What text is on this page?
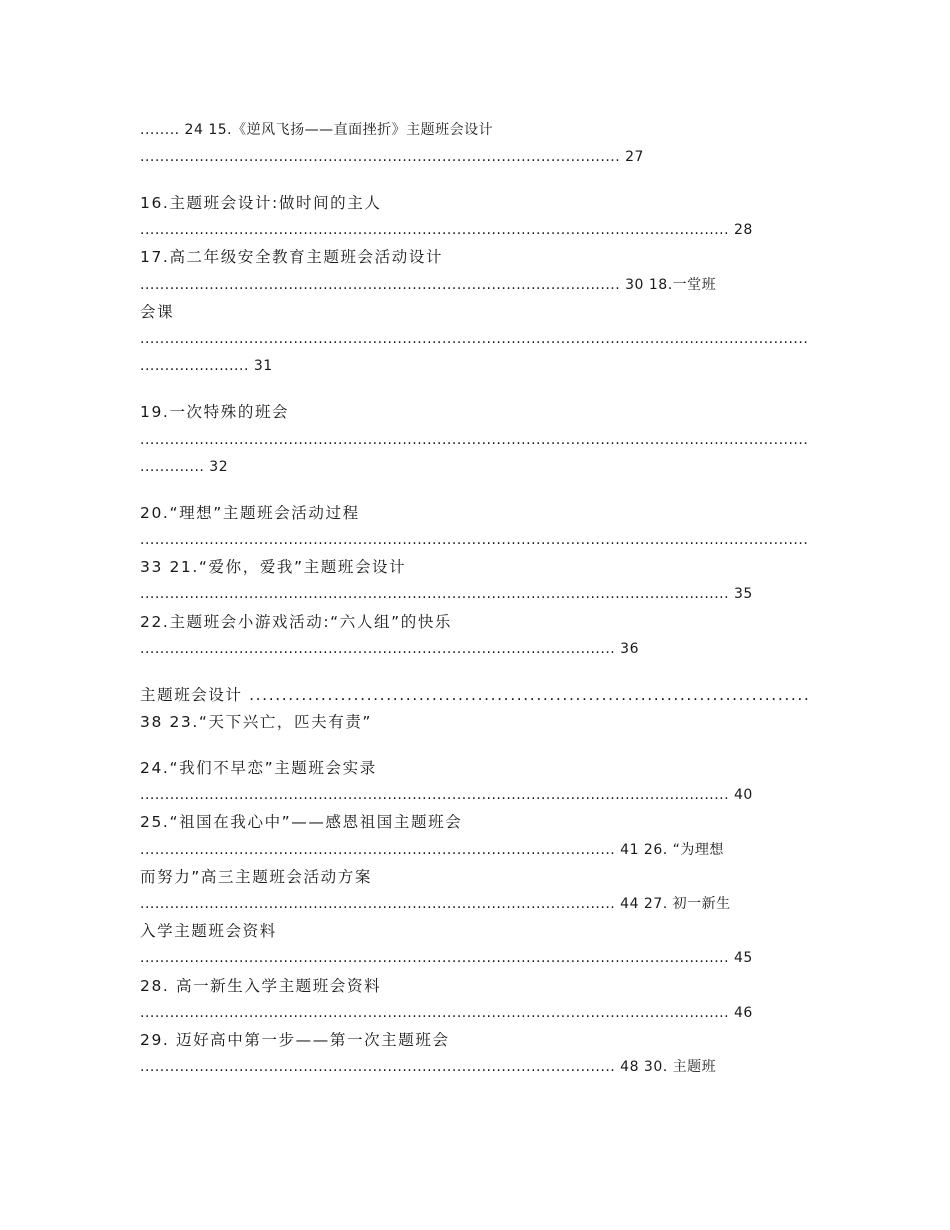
........ 24 15.《逆风飞扬——直面挫折》主题班会设计
................................................................................................. 27
16.主题班会设计:做时间的主人
....................................................................................................................... 28
17.高二年级安全教育主题班会活动设计
................................................................................................. 30 18.一堂班
会课
.......................................................................................................................................
...................... 31
19.一次特殊的班会
.......................................................................................................................................
............. 32
20.“理想”主题班会活动过程
.......................................................................................................................................
33 21.“爱你，爱我”主题班会设计
....................................................................................................................... 35
22.主题班会小游戏活动:“六人组”的快乐
................................................................................................ 36
主题班会设计 ......................................................................................
38 23.“天下兴亡，匹夫有责”
24.“我们不早恋”主题班会实录
....................................................................................................................... 40
25.“祖国在我心中”——感恩祖国主题班会
................................................................................................ 41 26. “为理想
而努力”高三主题班会活动方案
................................................................................................ 44 27. 初一新生
入学主题班会资料
....................................................................................................................... 45
28. 高一新生入学主题班会资料
....................................................................................................................... 46
29. 迈好高中第一步——第一次主题班会
................................................................................................ 48 30. 主题班
